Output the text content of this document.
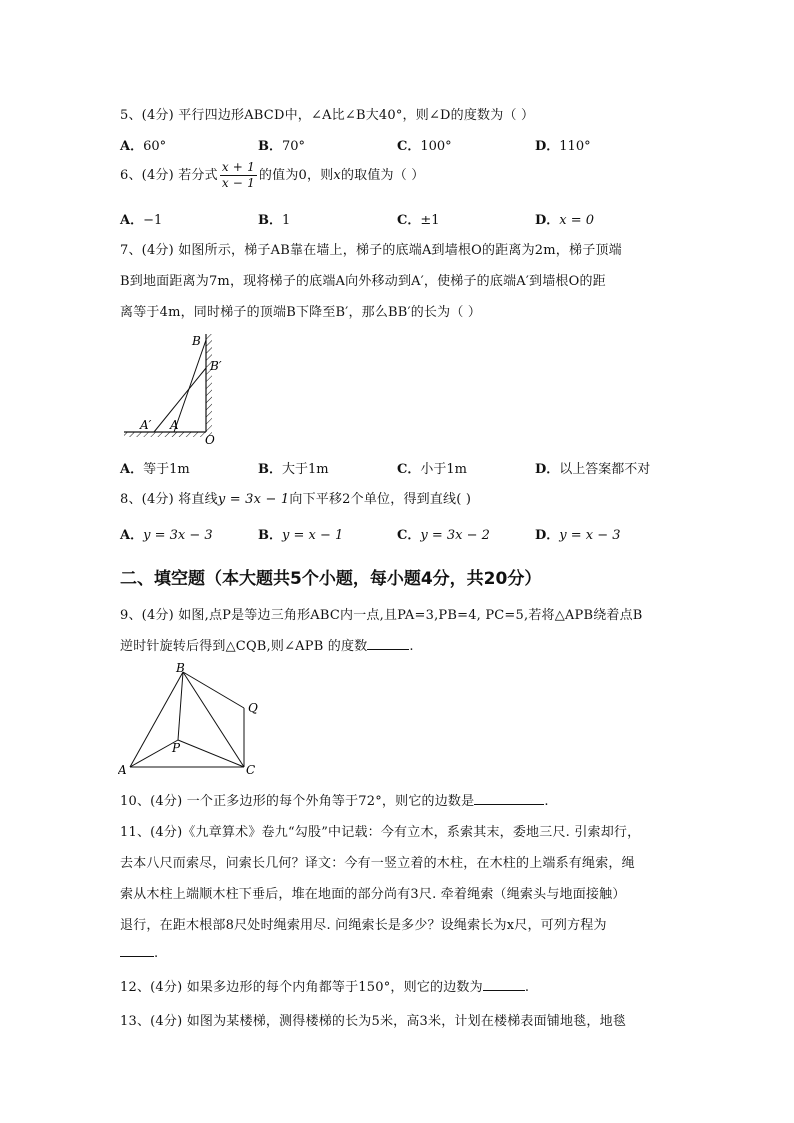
5、(4分) 平行四边形ABCD中，∠A比∠B大40°，则∠D的度数为（ ）
A．60°	B．70°	C．100°	D．110°
6、(4分) 若分式 $\frac{x + 1}{x - 1}$ 的值为0，则x的取值为（ ）
A．−1	B．1	C．±1	D．x = 0
7、(4分) 如图所示，梯子AB靠在墙上，梯子的底端A到墙根O的距离为2m，梯子顶端
B到地面距离为7m，现将梯子的底端A向外移动到A′，使梯子的底端A′到墙根O的距
离等于4m，同时梯子的顶端B下降至B′，那么BB′的长为（ ）
B
B′
A′ A
O
A．等于1m	B．大于1m	C．小于1m	D．以上答案都不对
8、(4分) 将直线y = 3x − 1向下平移2个单位，得到直线( )
A．y = 3x − 3	B．y = x − 1	C．y = 3x − 2	D．y = x − 3
二、填空题（本大题共5个小题，每小题4分，共20分）
9、(4分) 如图,点P是等边三角形ABC内一点,且PA=3,PB=4, PC=5,若将△APB绕着点B
逆时针旋转后得到△CQB,则∠APB 的度数	.
B
Q
P
A	C
10、(4分) 一个正多边形的每个外角等于72°，则它的边数是	.
11、(4分)《九章算术》卷九“勾股”中记载：今有立木，系索其末，委地三尺. 引索却行，
去本八尺而索尽，问索长几何？译文：今有一竖立着的木柱，在木柱的上端系有绳索，绳
索从木柱上端顺木柱下垂后，堆在地面的部分尚有3尺. 牵着绳索（绳索头与地面接触）
退行，在距木根部8尺处时绳索用尽. 问绳索长是多少？设绳索长为x尺，可列方程为
.
12、(4分) 如果多边形的每个内角都等于150°，则它的边数为	.
13、(4分) 如图为某楼梯，测得楼梯的长为5米，高3米，计划在楼梯表面铺地毯，地毯
